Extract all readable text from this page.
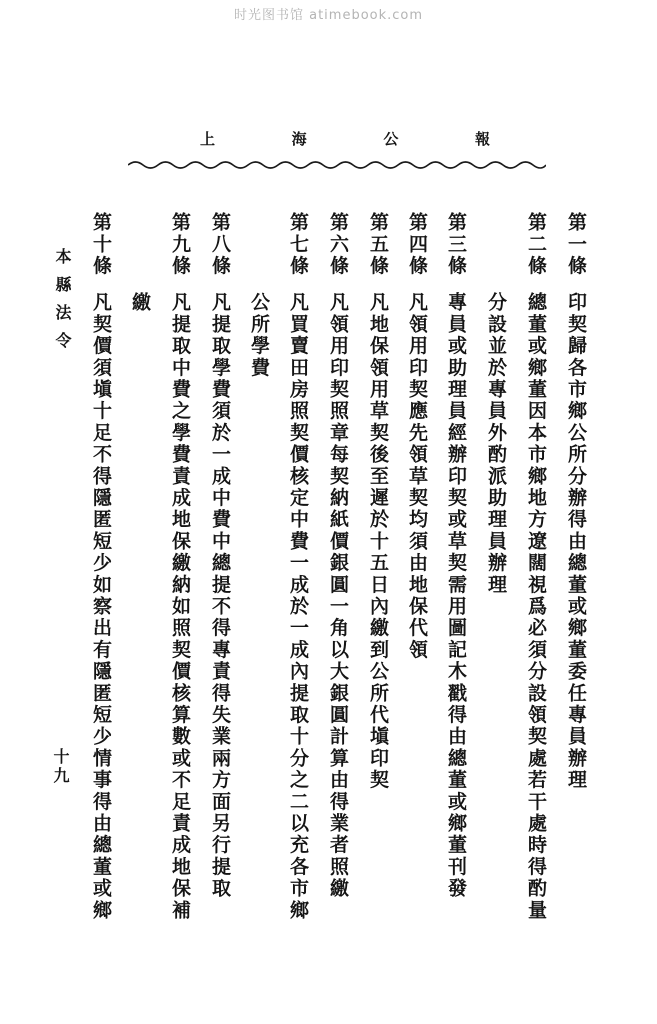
时光图书馆 atimebook.com
上	海	公	報
第一條
印契歸各市鄉公所分辦得由總董或鄉董委任專員辦理
第二條
總董或鄉董因本市鄉地方遼闊視爲必須分設領契處若干處時得酌量
分設並於專員外酌派助理員辦理
第三條
專員或助理員經辦印契或草契需用圖記木戳得由總董或鄉董刊發
第四條
凡領用印契應先領草契均須由地保代領
第五條
凡地保領用草契後至遲於十五日內繳到公所代塡印契
第六條
凡領用印契照章每契納紙價銀圓一角以大銀圓計算由得業者照繳
第七條
凡買賣田房照契價核定中費一成於一成內提取十分之二以充各市鄉
公所學費
第八條
凡提取學費須於一成中費中總提不得專責得失業兩方面另行提取
第九條
凡提取中費之學費責成地保繳納如照契價核算數或不足責成地保補
繳
第十條
凡契價須塡十足不得隱匿短少如察出有隱匿短少情事得由總董或鄉
本縣法令
十九
